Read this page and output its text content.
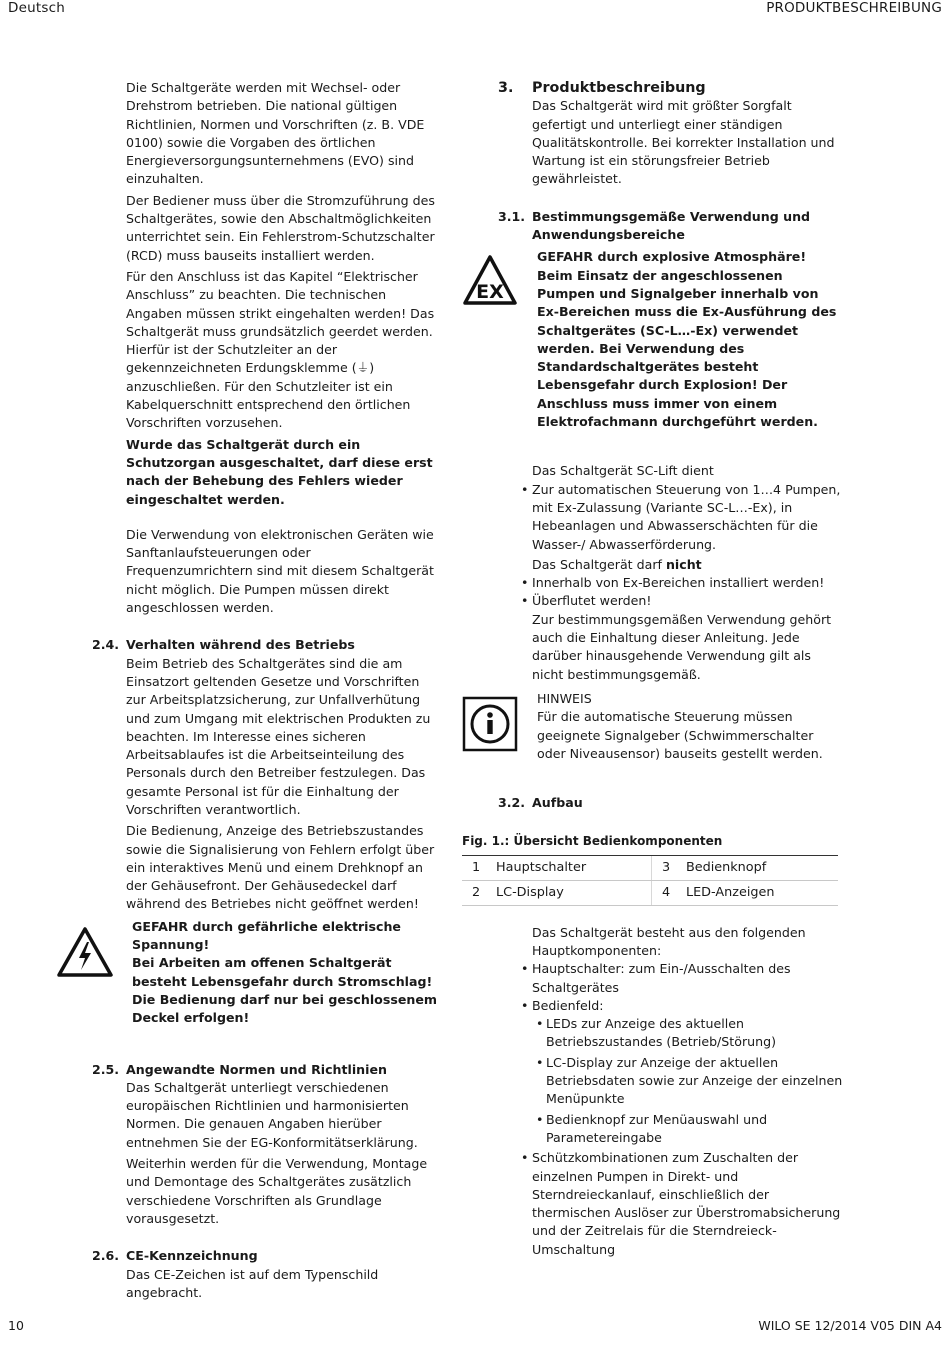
Deutsch	PRODUKTBESCHREIBUNG

Die Schaltgeräte werden mit Wechsel- oder Drehstrom betrieben. Die national gültigen Richtlinien, Normen und Vorschriften (z. B. VDE 0100) sowie die Vorgaben des örtlichen Energieversorgungsunternehmens (EVO) sind einzuhalten.

Der Bediener muss über die Stromzuführung des Schaltgerätes, sowie den Abschaltmöglichkeiten unterrichtet sein. Ein Fehlerstrom-Schutzschalter (RCD) muss bauseits installiert werden.

Für den Anschluss ist das Kapitel “Elektrischer Anschluss” zu beachten. Die technischen Angaben müssen strikt eingehalten werden! Das Schaltgerät muss grundsätzlich geerdet werden. Hierfür ist der Schutzleiter an der gekennzeichneten Erdungsklemme (⏚) anzuschließen. Für den Schutzleiter ist ein Kabelquerschnitt entsprechend den örtlichen Vorschriften vorzusehen.

Wurde das Schaltgerät durch ein Schutzorgan ausgeschaltet, darf diese erst nach der Behebung des Fehlers wieder eingeschaltet werden.

Die Verwendung von elektronischen Geräten wie Sanftanlaufsteuerungen oder Frequenzumrichtern sind mit diesem Schaltgerät nicht möglich. Die Pumpen müssen direkt angeschlossen werden.

2.4. Verhalten während des Betriebs

Beim Betrieb des Schaltgerätes sind die am Einsatzort geltenden Gesetze und Vorschriften zur Arbeitsplatzsicherung, zur Unfallverhütung und zum Umgang mit elektrischen Produkten zu beachten. Im Interesse eines sicheren Arbeitsablaufes ist die Arbeitseinteilung des Personals durch den Betreiber festzulegen. Das gesamte Personal ist für die Einhaltung der Vorschriften verantwortlich.

Die Bedienung, Anzeige des Betriebszustandes sowie die Signalisierung von Fehlern erfolgt über ein interaktives Menü und einem Drehknopf an der Gehäusefront. Der Gehäusedeckel darf während des Betriebes nicht geöffnet werden!

GEFAHR durch gefährliche elektrische Spannung!

Bei Arbeiten am offenen Schaltgerät besteht Lebensgefahr durch Stromschlag! Die Bedienung darf nur bei geschlossenem Deckel erfolgen!

2.5. Angewandte Normen und Richtlinien

Das Schaltgerät unterliegt verschiedenen europäischen Richtlinien und harmonisierten Normen. Die genauen Angaben hierüber entnehmen Sie der EG-Konformitätserklärung.

Weiterhin werden für die Verwendung, Montage und Demontage des Schaltgerätes zusätzlich verschiedene Vorschriften als Grundlage vorausgesetzt.

2.6. CE-Kennzeichnung

Das CE-Zeichen ist auf dem Typenschild angebracht.

3. Produktbeschreibung

Das Schaltgerät wird mit größter Sorgfalt gefertigt und unterliegt einer ständigen Qualitätskontrolle. Bei korrekter Installation und Wartung ist ein störungsfreier Betrieb gewährleistet.

3.1. Bestimmungsgemäße Verwendung und Anwendungsbereiche
EX

GEFAHR durch explosive Atmosphäre!

Beim Einsatz der angeschlossenen Pumpen und Signalgeber innerhalb von Ex-Bereichen muss die Ex-Ausführung des Schaltgerätes (SC-L…-Ex) verwendet werden. Bei Verwendung des Standardschaltgerätes besteht Lebensgefahr durch Explosion! Der Anschluss muss immer von einem Elektrofachmann durchgeführt werden.

Das Schaltgerät SC-Lift dient

• Zur automatischen Steuerung von 1…4 Pumpen, mit Ex-Zulassung (Variante SC-L…-Ex), in Hebeanlagen und Abwasserschächten für die Wasser-/ Abwasserförderung.

Das Schaltgerät darf nicht

• Innerhalb von Ex-Bereichen installiert werden!
• Überflutet werden!

Zur bestimmungsgemäßen Verwendung gehört auch die Einhaltung dieser Anleitung. Jede darüber hinausgehende Verwendung gilt als nicht bestimmungsgemäß.

HINWEIS

Für die automatische Steuerung müssen geeignete Signalgeber (Schwimmerschalter oder Niveausensor) bauseits gestellt werden.

3.2. Aufbau

Fig. 1.: Übersicht Bedienkomponenten

1	Hauptschalter	3	Bedienknopf
2	LC-Display	4	LED-Anzeigen

Das Schaltgerät besteht aus den folgenden Hauptkomponenten:

• Hauptschalter: zum Ein-/Ausschalten des Schaltgerätes
• Bedienfeld:
• LEDs zur Anzeige des aktuellen Betriebszustandes (Betrieb/Störung)
• LC-Display zur Anzeige der aktuellen Betriebsdaten sowie zur Anzeige der einzelnen Menüpunkte
• Bedienknopf zur Menüauswahl und Parametereingabe
• Schützkombinationen zum Zuschalten der einzelnen Pumpen in Direkt- und Sterndreieckanlauf, einschließlich der thermischen Auslöser zur Überstromabsicherung und der Zeitrelais für die Sterndreieck-Umschaltung
10	WILO SE 12/2014 V05 DIN A4
